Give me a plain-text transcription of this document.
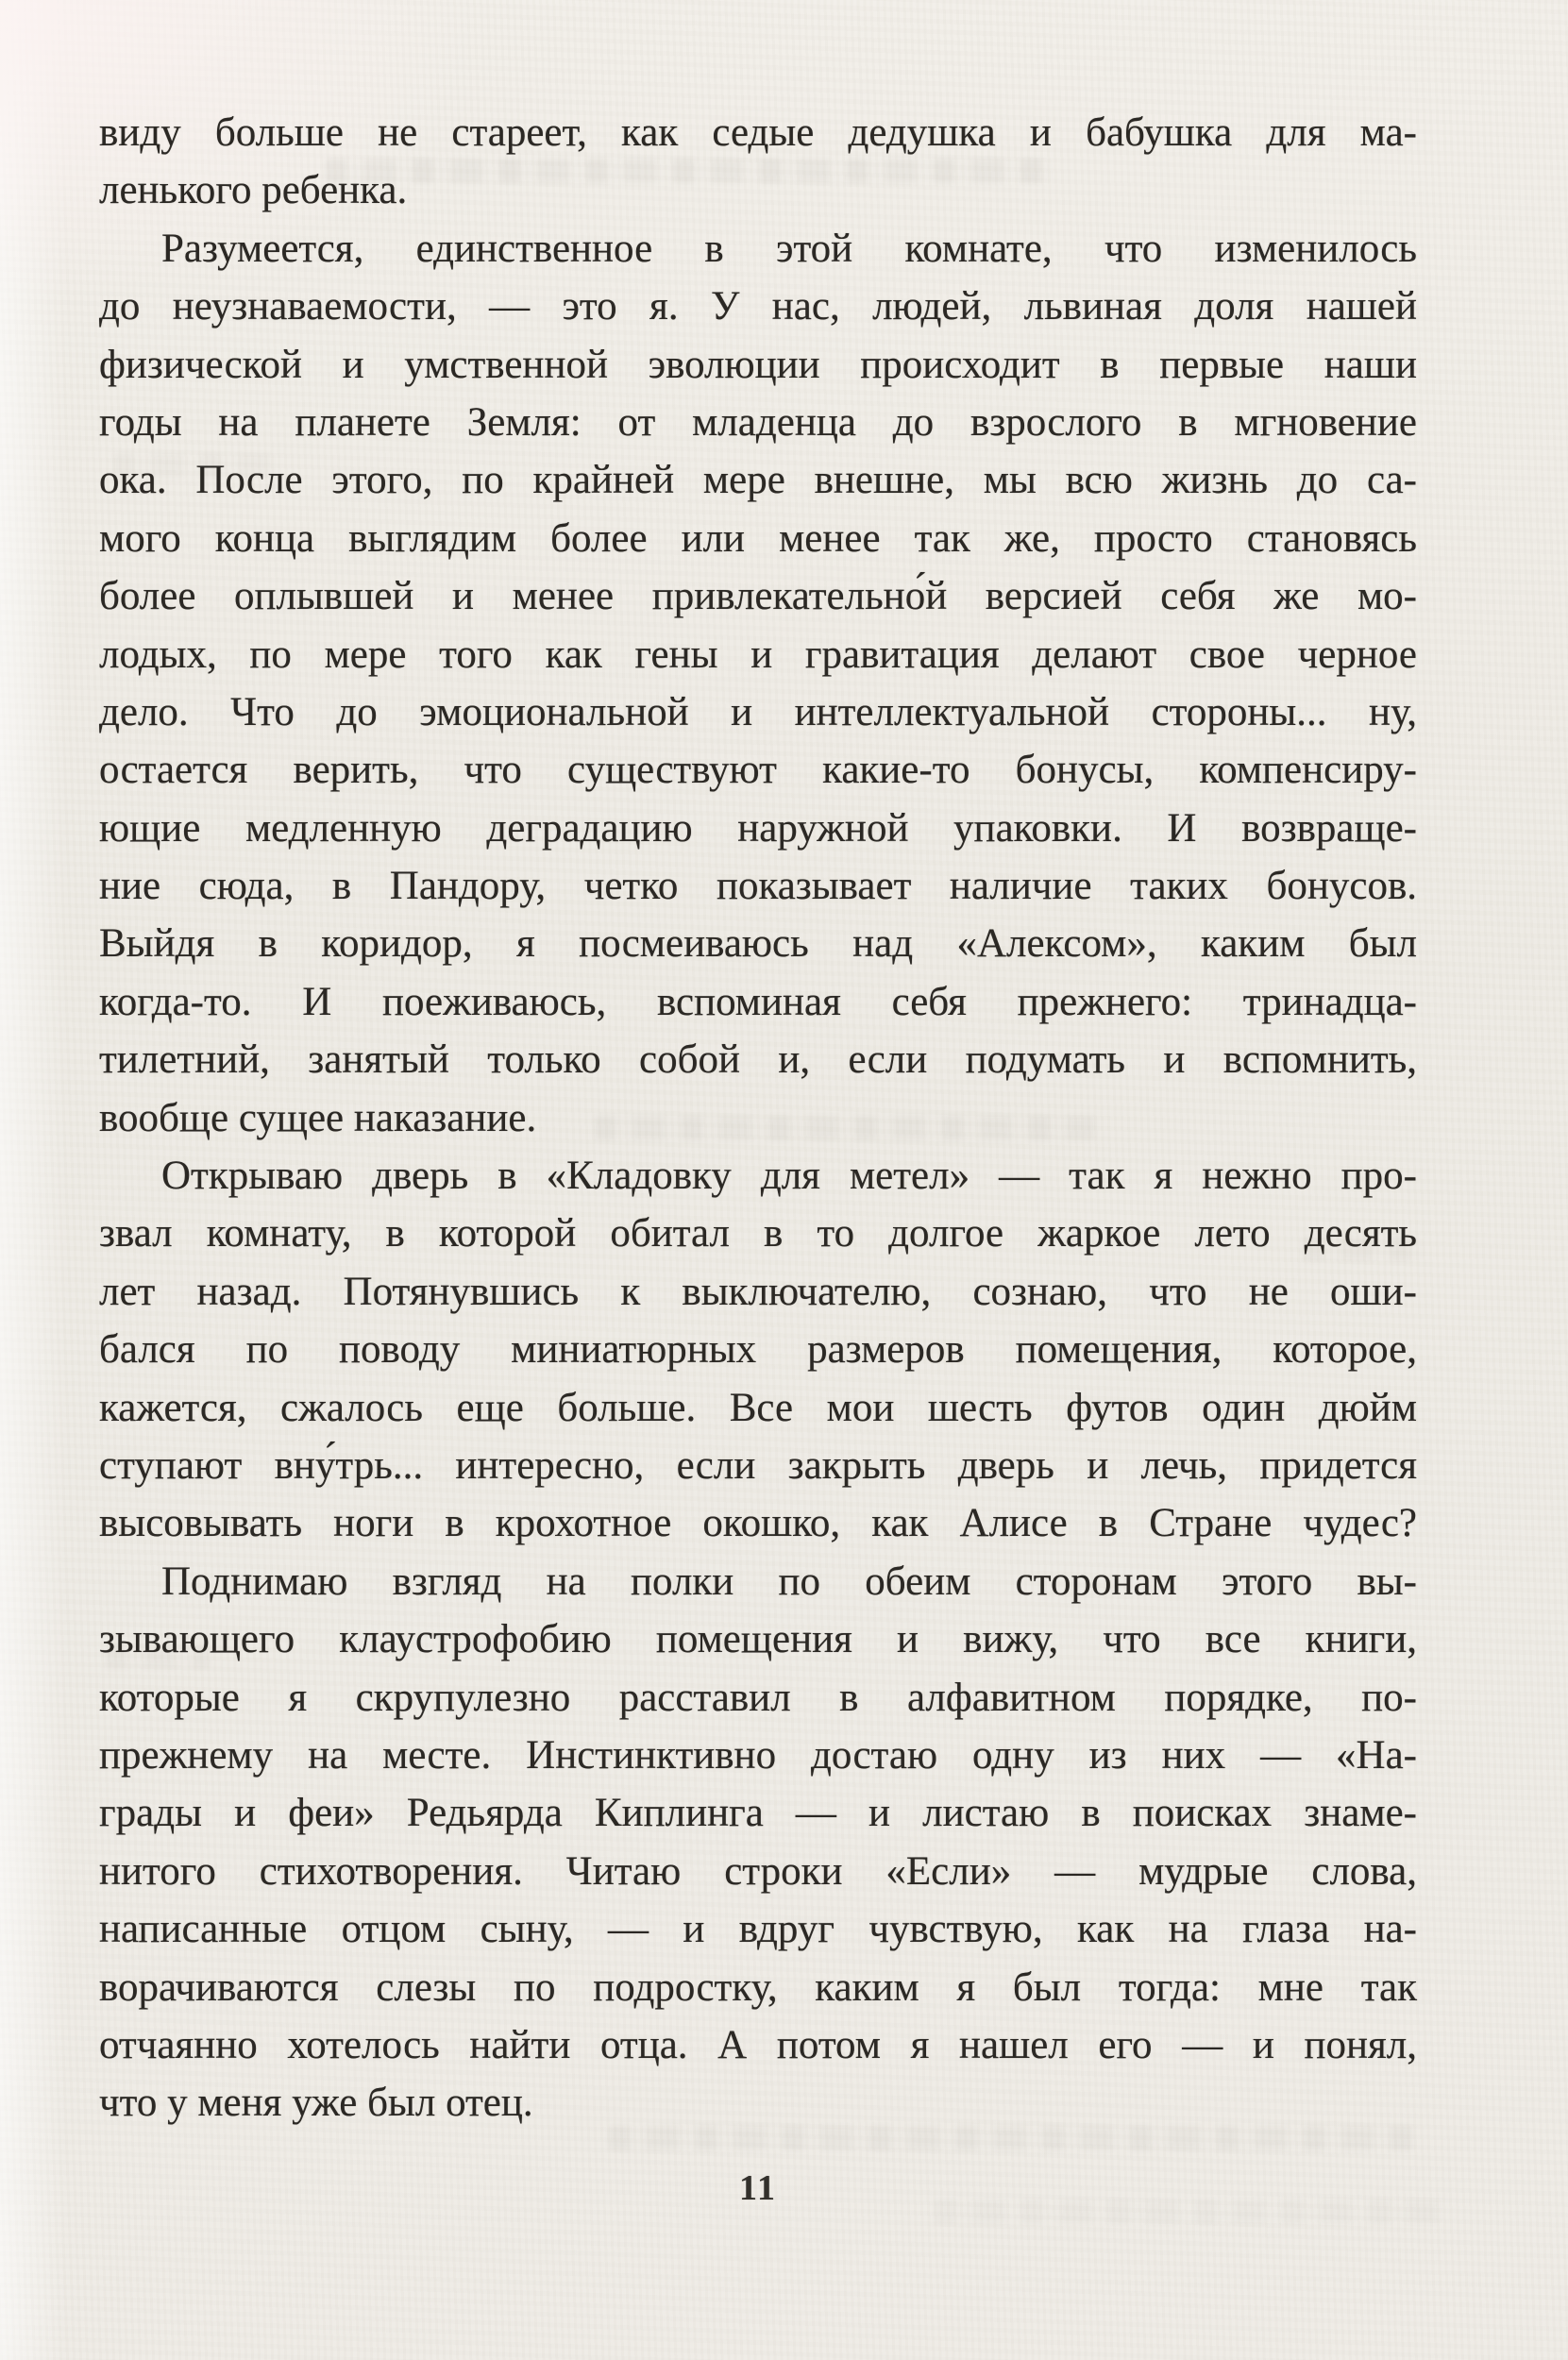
виду больше не стареет, как седые дедушка и бабушка для ма-
ленького ребенка.
Разумеется, единственное в этой комнате, что изменилось
до неузнаваемости, — это я. У нас, людей, львиная доля нашей
физической и умственной эволюции происходит в первые наши
годы на планете Земля: от младенца до взрослого в мгновение
ока. После этого, по крайней мере внешне, мы всю жизнь до са-
мого конца выглядим более или менее так же, просто становясь
более оплывшей и менее привлекательно́й версией себя же мо-
лодых, по мере того как гены и гравитация делают свое черное
дело. Что до эмоциональной и интеллектуальной стороны... ну,
остается верить, что существуют какие-то бонусы, компенсиру-
ющие медленную деградацию наружной упаковки. И возвраще-
ние сюда, в Пандору, четко показывает наличие таких бонусов.
Выйдя в коридор, я посмеиваюсь над «Алексом», каким был
когда-то. И поеживаюсь, вспоминая себя прежнего: тринадца-
тилетний, занятый только собой и, если подумать и вспомнить,
вообще сущее наказание.
Открываю дверь в «Кладовку для метел» — так я нежно про-
звал комнату, в которой обитал в то долгое жаркое лето десять
лет назад. Потянувшись к выключателю, сознаю, что не оши-
бался по поводу миниатюрных размеров помещения, которое,
кажется, сжалось еще больше. Все мои шесть футов один дюйм
ступают вну́трь... интересно, если закрыть дверь и лечь, придется
высовывать ноги в крохотное окошко, как Алисе в Стране чудес?
Поднимаю взгляд на полки по обеим сторонам этого вы-
зывающего клаустрофобию помещения и вижу, что все книги,
которые я скрупулезно расставил в алфавитном порядке, по-
прежнему на месте. Инстинктивно достаю одну из них — «На-
грады и феи» Редьярда Киплинга — и листаю в поисках знаме-
нитого стихотворения. Читаю строки «Если» — мудрые слова,
написанные отцом сыну, — и вдруг чувствую, как на глаза на-
ворачиваются слезы по подростку, каким я был тогда: мне так
отчаянно хотелось найти отца. А потом я нашел его — и понял,
что у меня уже был отец.
11
